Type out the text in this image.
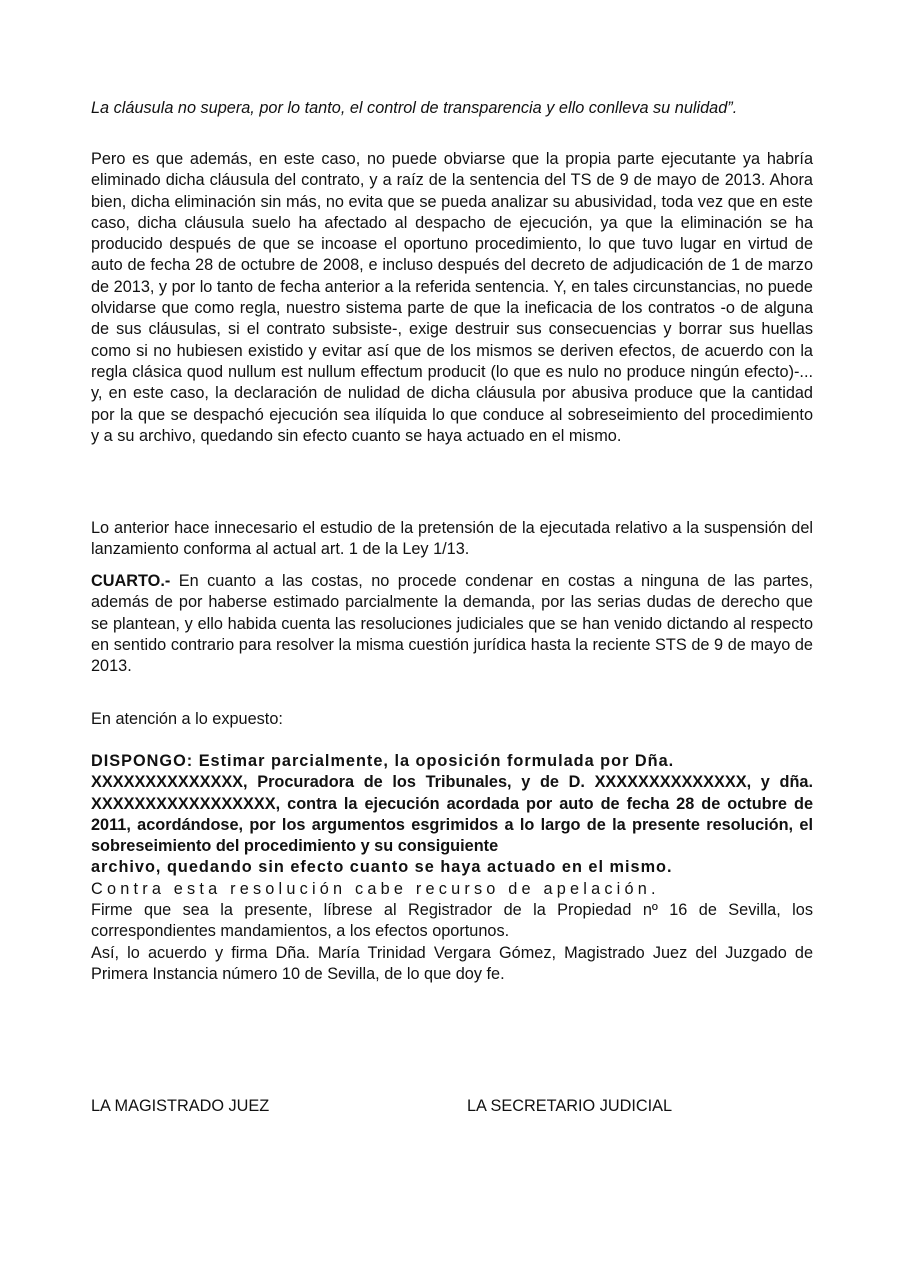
La cláusula no supera, por lo tanto, el control de transparencia y ello conlleva su nulidad”.

Pero es que además, en este caso, no puede obviarse que la propia parte ejecutante ya habría eliminado dicha cláusula del contrato, y a raíz de la sentencia del TS de 9 de mayo de 2013. Ahora bien, dicha eliminación sin más, no evita que se pueda analizar su abusividad, toda vez que en este caso, dicha cláusula suelo ha afectado al despacho de ejecución, ya que la eliminación se ha producido después de que se incoase el oportuno procedimiento, lo que tuvo lugar en virtud de auto de fecha 28 de octubre de 2008, e incluso después del decreto de adjudicación de 1 de marzo de 2013, y por lo tanto de fecha anterior a la referida sentencia. Y, en tales circunstancias, no puede olvidarse que como regla, nuestro sistema parte de que la ineficacia de los contratos -o de alguna de sus cláusulas, si el contrato subsiste-, exige destruir sus consecuencias y borrar sus huellas como si no hubiesen existido y evitar así que de los mismos se deriven efectos, de acuerdo con la regla clásica quod nullum est nullum effectum producit (lo que es nulo no produce ningún efecto)-... y, en este caso, la declaración de nulidad de dicha cláusula por abusiva produce que la cantidad por la que se despachó ejecución sea ilíquida lo que conduce al sobreseimiento del procedimiento y a su archivo, quedando sin efecto cuanto se haya actuado en el mismo.

Lo anterior hace innecesario el estudio de la pretensión de la ejecutada relativo a la suspensión del lanzamiento conforma al actual art. 1 de la Ley 1/13.

CUARTO.- En cuanto a las costas, no procede condenar en costas a ninguna de las partes, además de por haberse estimado parcialmente la demanda, por las serias dudas de derecho que se plantean, y ello habida cuenta las resoluciones judiciales que se han venido dictando al respecto en sentido contrario para resolver la misma cuestión jurídica hasta la reciente STS de 9 de mayo de 2013.

En atención a lo expuesto:

DISPONGO: Estimar parcialmente, la oposición formulada por Dña.
XXXXXXXXXXXXXX, Procuradora de los Tribunales, y de D. XXXXXXXXXXXXXX, y dña. XXXXXXXXXXXXXXXXX, contra la ejecución acordada por auto de fecha 28 de octubre de 2011, acordándose, por los argumentos esgrimidos a lo largo de la presente resolución, el sobreseimiento del procedimiento y su consiguiente
archivo, quedando sin efecto cuanto se haya actuado en el mismo.
Contra esta resolución cabe recurso de apelación.
Firme que sea la presente, líbrese al Registrador de la Propiedad nº 16 de Sevilla, los correspondientes mandamientos, a los efectos oportunos.
Así, lo acuerdo y firma Dña. María Trinidad Vergara Gómez, Magistrado Juez del Juzgado de Primera Instancia número 10 de Sevilla, de lo que doy fe.
LA MAGISTRADO JUEZ	LA SECRETARIO JUDICIAL
